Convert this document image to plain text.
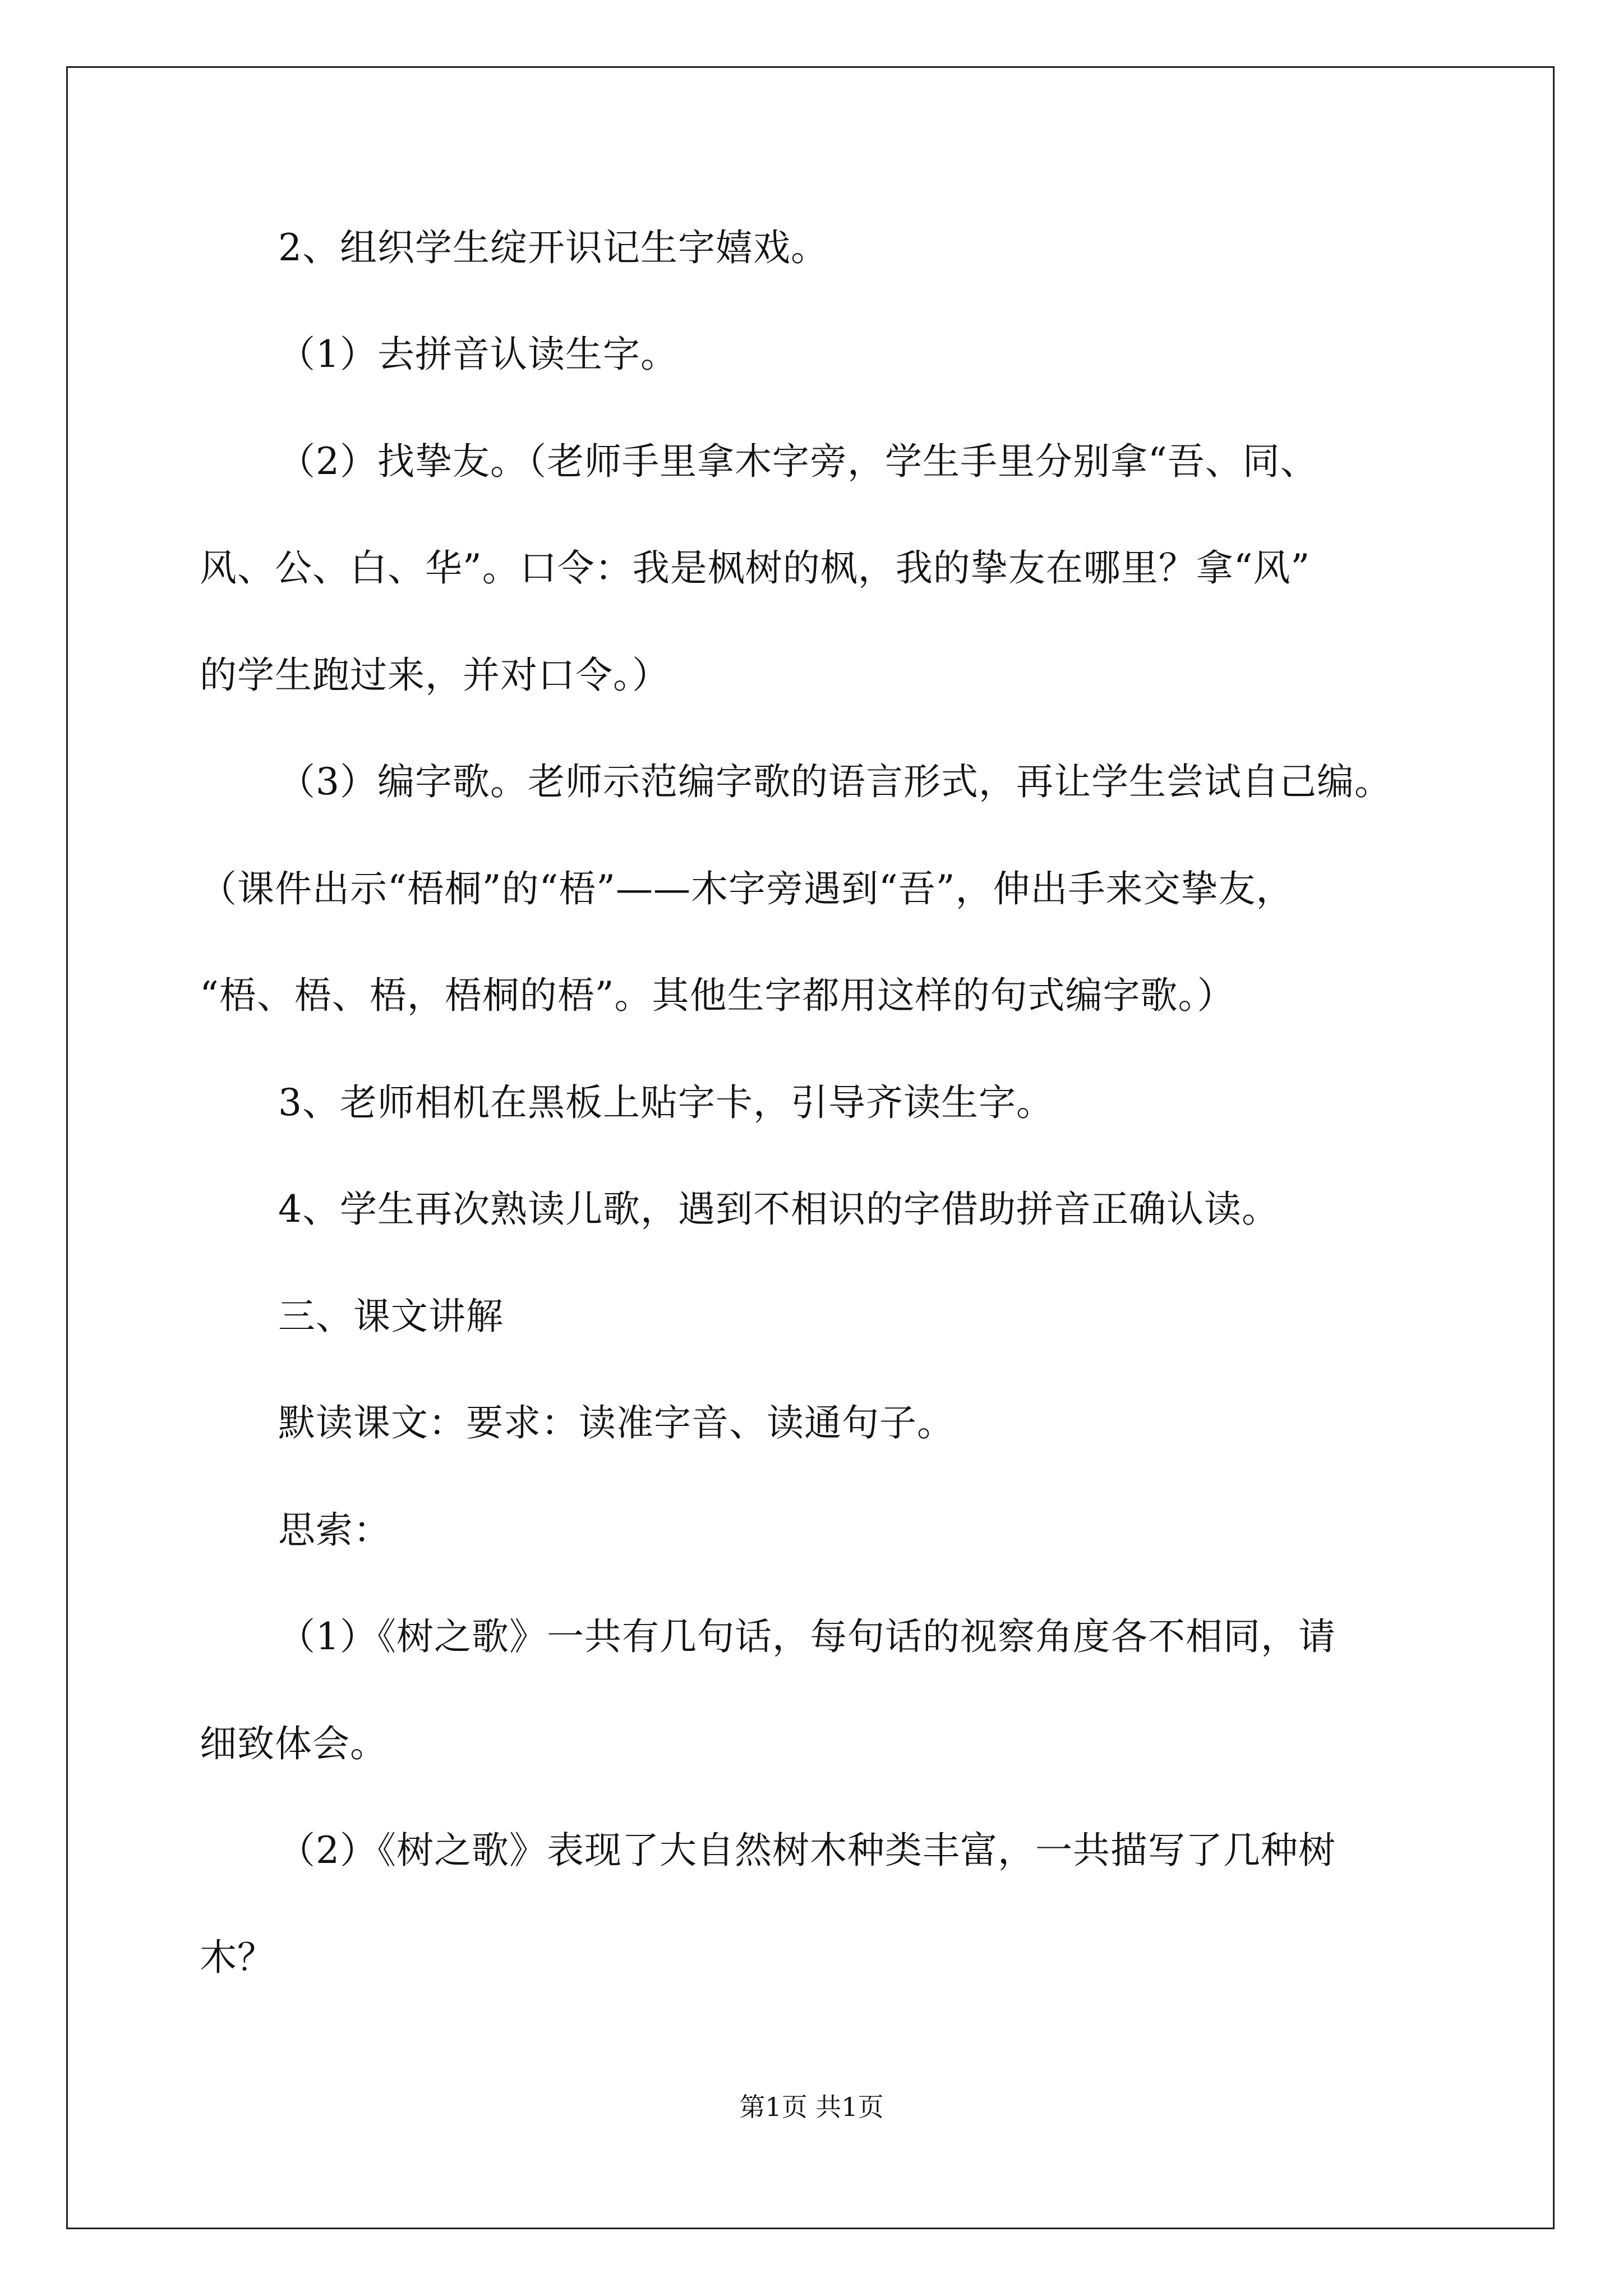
2、组织学生绽开识记生字嬉戏。
（1）去拼音认读生字。
（2）找挚友。（老师手里拿木字旁，学生手里分别拿“吾、同、
风、公、白、华”。口令：我是枫树的枫，我的挚友在哪里？拿“风”
的学生跑过来，并对口令。）
（3）编字歌。老师示范编字歌的语言形式，再让学生尝试自己编。
（课件出示“梧桐”的“梧”——木字旁遇到“吾”，伸出手来交挚友，
“梧、梧、梧，梧桐的梧”。其他生字都用这样的句式编字歌。）
3、老师相机在黑板上贴字卡，引导齐读生字。
4、学生再次熟读儿歌，遇到不相识的字借助拼音正确认读。
三、课文讲解
默读课文：要求：读准字音、读通句子。
思索：
（1）《树之歌》一共有几句话，每句话的视察角度各不相同，请
细致体会。
（2）《树之歌》表现了大自然树木种类丰富，一共描写了几种树
木？
第1页 共1页
